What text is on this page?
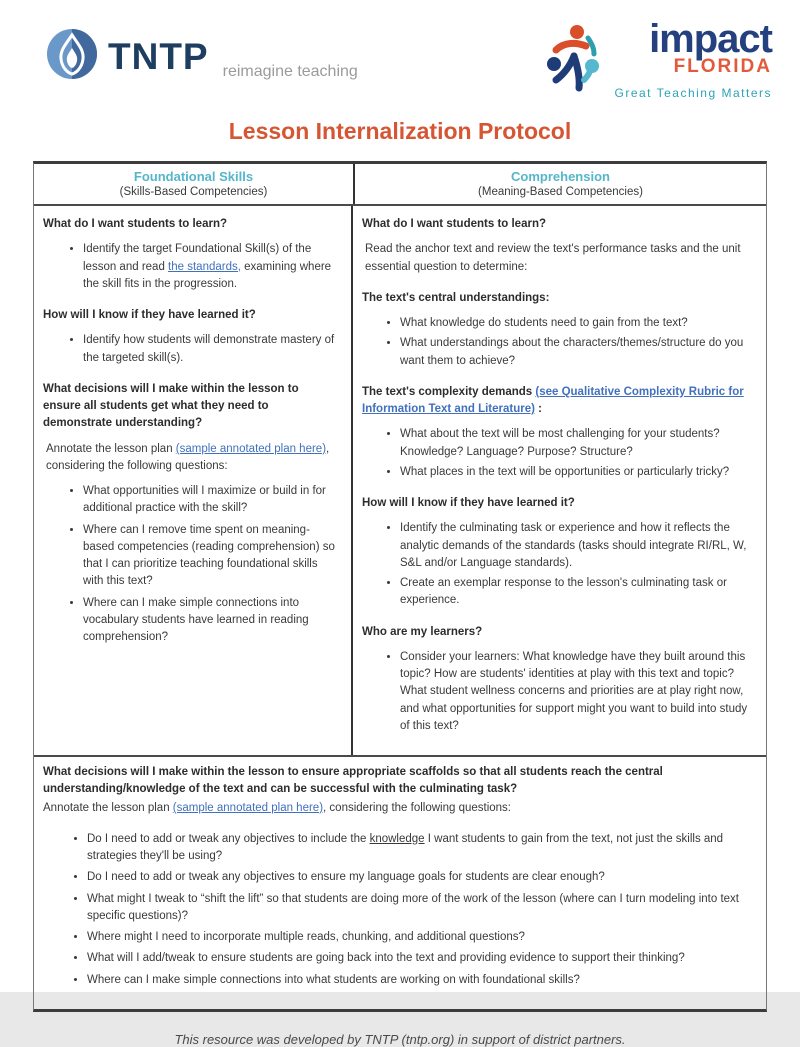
TNTP reimagine teaching
impact
FLORIDA
Great Teaching Matters
Lesson Internalization Protocol
Foundational Skills
(Skills-Based Competencies)
Comprehension
(Meaning-Based Competencies)

What do I want students to learn?

• Identify the target Foundational Skill(s) of the lesson and read the standards, examining where the skill fits in the progression.

How will I know if they have learned it?

• Identify how students will demonstrate mastery of the targeted skill(s).

What decisions will I make within the lesson to ensure all students get what they need to demonstrate understanding?

Annotate the lesson plan (sample annotated plan here), considering the following questions:

• What opportunities will I maximize or build in for additional practice with the skill?
• Where can I remove time spent on meaning-based competencies (reading comprehension) so that I can prioritize teaching foundational skills with this text?
• Where can I make simple connections into vocabulary students have learned in reading comprehension?

What do I want students to learn?

Read the anchor text and review the text's performance tasks and the unit essential question to determine:

The text's central understandings:

• What knowledge do students need to gain from the text?
• What understandings about the characters/themes/structure do you want them to achieve?

The text's complexity demands (see Qualitative Complexity Rubric for Information Text and Literature) :

• What about the text will be most challenging for your students? Knowledge? Language? Purpose? Structure?
• What places in the text will be opportunities or particularly tricky?

How will I know if they have learned it?

• Identify the culminating task or experience and how it reflects the analytic demands of the standards (tasks should integrate RI/RL, W, S&L and/or Language standards).
• Create an exemplar response to the lesson's culminating task or experience.

Who are my learners?

• Consider your learners: What knowledge have they built around this topic? How are students' identities at play with this text and topic? What student wellness concerns and priorities are at play right now, and what opportunities for support might you want to build into study of this text?

What decisions will I make within the lesson to ensure appropriate scaffolds so that all students reach the central understanding/knowledge of the text and can be successful with the culminating task?

Annotate the lesson plan (sample annotated plan here), considering the following questions:

• Do I need to add or tweak any objectives to include the knowledge I want students to gain from the text, not just the skills and strategies they'll be using?
• Do I need to add or tweak any objectives to ensure my language goals for students are clear enough?
• What might I tweak to “shift the lift” so that students are doing more of the work of the lesson (where can I turn modeling into text specific questions)?
• Where might I need to incorporate multiple reads, chunking, and additional questions?
• What will I add/tweak to ensure students are going back into the text and providing evidence to support their thinking?
• Where can I make simple connections into what students are working on with foundational skills?
This resource was developed by TNTP (tntp.org) in support of district partners.
